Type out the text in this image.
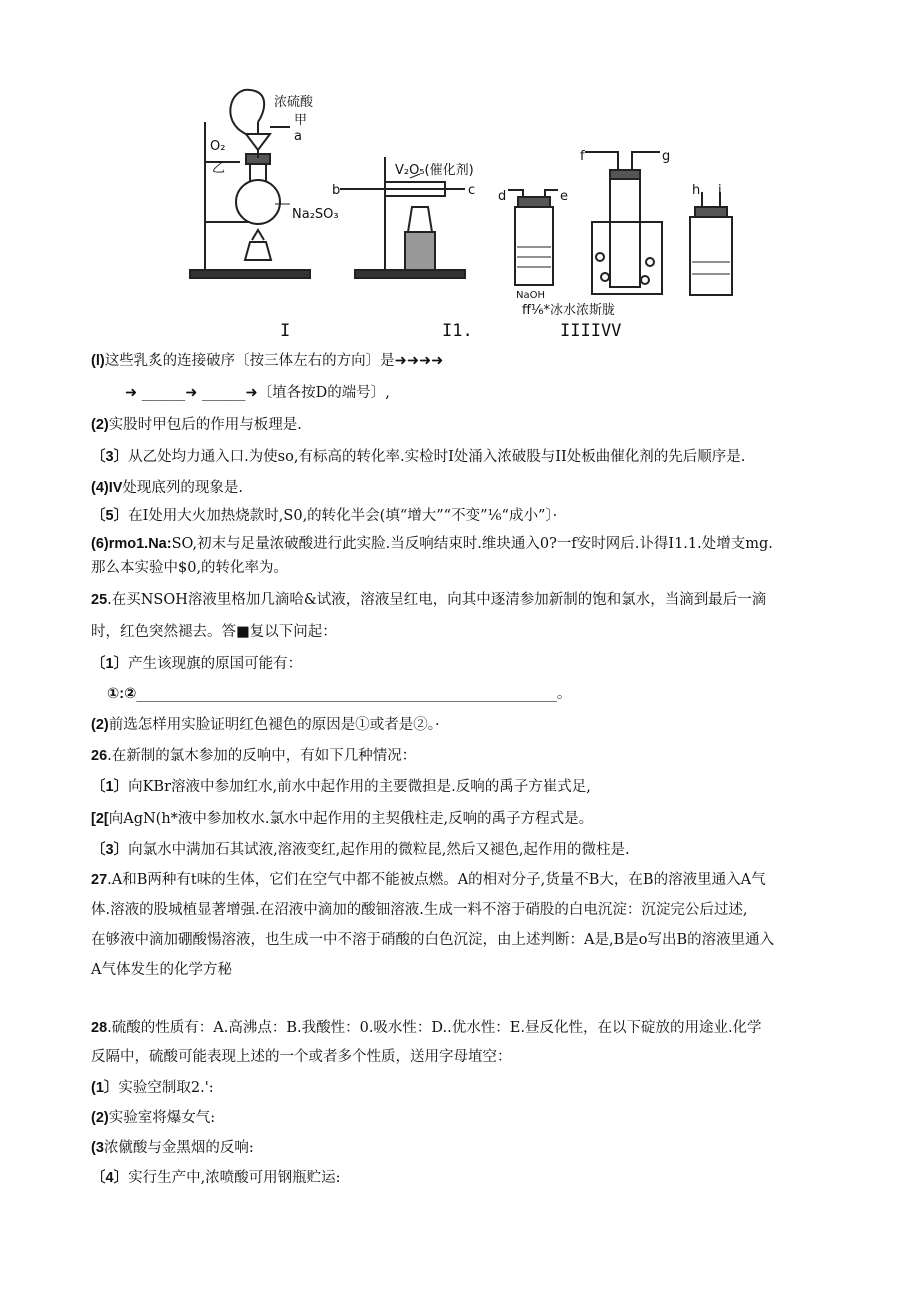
浓硫酸
甲
a
O₂
乙
Na₂SO₃
V₂O₅(催化剂)
b	c d	e
f	g
h i
NaOH
ff⅙*冰水浓斯胧
I	I1.	IIIIVV
(l)这些乳炙的连接破序〔按三体左右的方向〕是➜➜➜➜
➜ ______➜ ______➜〔埴各按D的端号〕,
(2)实股时甲包后的作用与板理是.
〔3〕从乙处均力通入口.为使so,有标高的转化率.实检时I处涌入浓破股与II处板曲催化剂的先后顺序是.
(4)IV处现底列的现象是.
〔5〕在I处用大火加热烧款时,S0,的转化半会(填“增大”“不变”⅙“成小”〕·
(6)rmo1.Na:SO,初末与足量浓破酸进行此实脸.当反响结束时.维块通入0?一f安时网后.讣得I1.1.处增支mg.
那么本实验中$0,的转化率为。
25.在买NSOH溶液里格加几滴哈&试液，溶液呈红电，向其中逐清参加新制的饱和氯水，当滴到最后一滴
时，红色突然褪去。答■复以下问起：
〔1〕产生该现旗的原国可能有：
①:②__________________________________________________________。
(2)前选怎样用实脸证明红色褪色的原因是①或者是②。·
26.在新制的氯木参加的反响中，有如下几种情况：
〔1〕向KBr溶液中参加红水,前水中起作用的主要微担是.反响的禹子方崔式足,
[2[向AgN(h*液中参加枚水.氯水中起作用的主契俄柱走,反响的禹子方程式是。
〔3〕向氯水中满加石其试液,溶液变红,起作用的微粒昆,然后又褪色,起作用的微柱是.
27.A和B两种有t味的生体，它们在空气中都不能被点燃。A的相对分子,货量不B大，在B的溶液里通入A气
体.溶液的股城植显著增强.在沼液中滴加的酸钿溶液.生成一料不溶于硝股的白电沉淀：沉淀完公后过述,
在够液中滴加硼酸愓溶液，也生成一中不溶于硝酸的白色沉淀，由上述判断：A是,B是o写出B的溶液里通入
A气体发生的化学方秘
28.硫酸的性质有：A.高沸点：B.我酸性：0.吸水性：D..优水性：E.昼反化性，在以下碇放的用途业.化学
反隔中，硫酸可能表现上述的一个或者多个性质，送用字母埴空：
(1〕实验空制取2.':
(2)实验室将爆女气:
(3浓僦酸与金黑烟的反响:
〔4〕实行生产中,浓喷酸可用钢瓶贮运:
